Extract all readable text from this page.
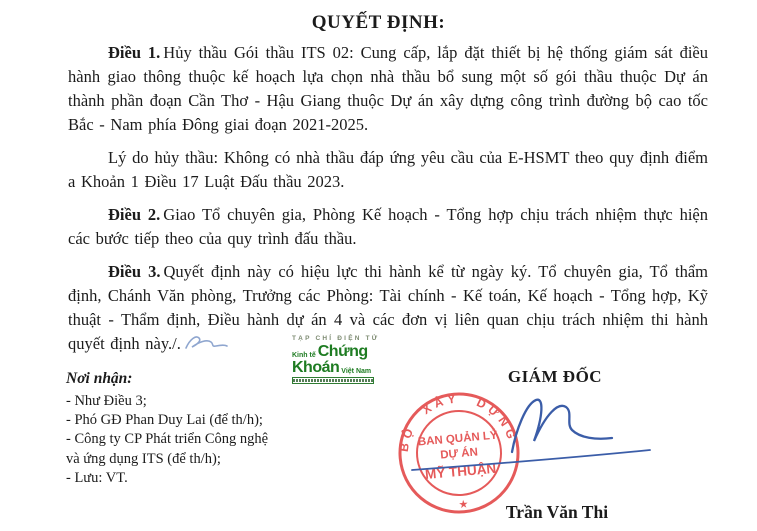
QUYẾT ĐỊNH:

Điều 1. Hủy thầu Gói thầu ITS 02: Cung cấp, lắp đặt thiết bị hệ thống giám sát điều hành giao thông thuộc kế hoạch lựa chọn nhà thầu bổ sung một số gói thầu thuộc Dự án thành phần đoạn Cần Thơ - Hậu Giang thuộc Dự án xây dựng công trình đường bộ cao tốc Bắc - Nam phía Đông giai đoạn 2021-2025.

Lý do hủy thầu: Không có nhà thầu đáp ứng yêu cầu của E-HSMT theo quy định điểm a Khoản 1 Điều 17 Luật Đấu thầu 2023.

Điều 2. Giao Tổ chuyên gia, Phòng Kế hoạch - Tổng hợp chịu trách nhiệm thực hiện các bước tiếp theo của quy trình đấu thầu.

Điều 3. Quyết định này có hiệu lực thi hành kể từ ngày ký. Tổ chuyên gia, Tổ thẩm định, Chánh Văn phòng, Trưởng các Phòng: Tài chính - Kế toán, Kế hoạch - Tổng hợp, Kỹ thuật - Thẩm định, Điều hành dự án 4 và các đơn vị liên quan chịu trách nhiệm thi hành quyết định này./.	TẠP CHÍ ĐIỆN TỬ
Kinh tế Chứng
Khoán Việt Nam
Nơi nhận:
- Như Điều 3;
- Phó GĐ Phan Duy Lai (để th/h);
- Công ty CP Phát triển Công nghệ
và ứng dụng ITS (để th/h);
- Lưu: VT.
GIÁM ĐỐC
BỘ XÂY DỰNG
★
BAN QUẢN LÝ
DỰ ÁN
MỸ THUẬN
Trần Văn Thi
